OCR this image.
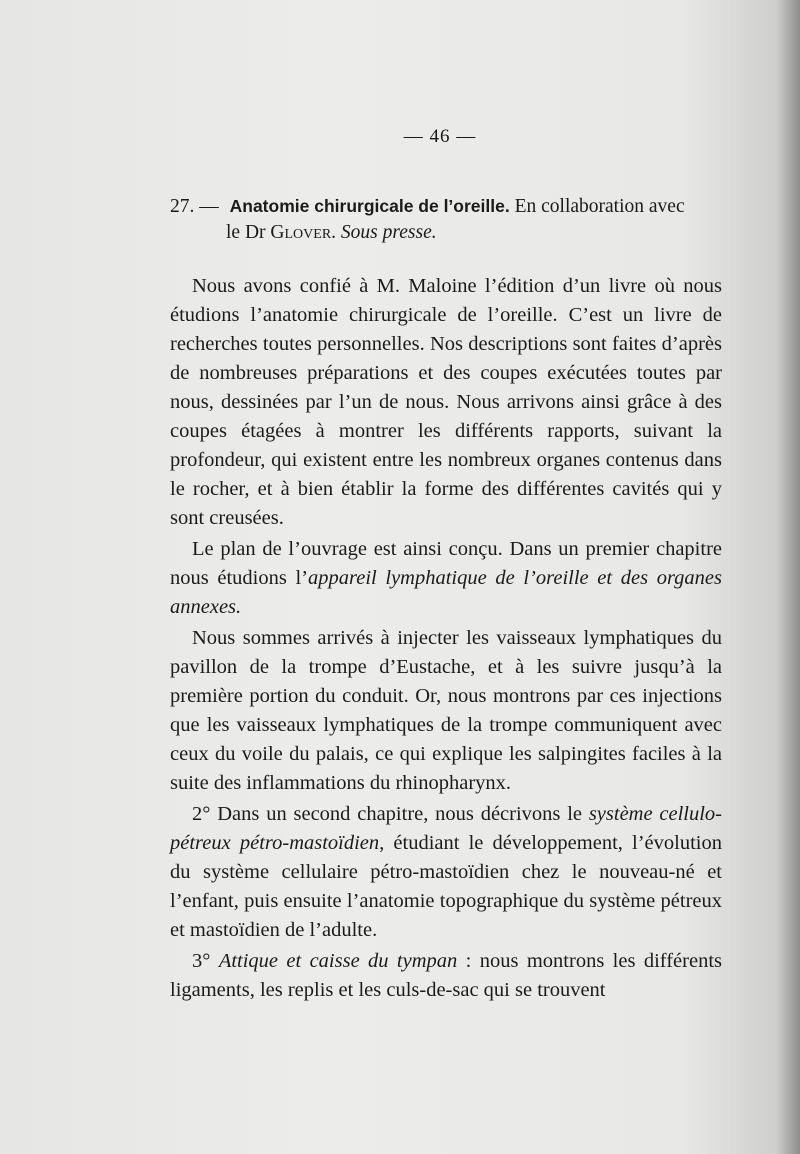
— 46 —
27. — Anatomie chirurgicale de l’oreille. En collaboration avec
le Dr Glover. Sous presse.

Nous avons confié à M. Maloine l’édition d’un livre où nous étudions l’anatomie chirurgicale de l’oreille. C’est un livre de recherches toutes personnelles. Nos descriptions sont faites d’après de nombreuses préparations et des coupes exécutées toutes par nous, dessinées par l’un de nous. Nous arrivons ainsi grâce à des coupes étagées à montrer les différents rapports, suivant la profondeur, qui existent entre les nombreux organes contenus dans le rocher, et à bien établir la forme des différentes cavités qui y sont creusées.

Le plan de l’ouvrage est ainsi conçu. Dans un premier chapitre nous étudions l’appareil lymphatique de l’oreille et des organes annexes.

Nous sommes arrivés à injecter les vaisseaux lymphatiques du pavillon de la trompe d’Eustache, et à les suivre jusqu’à la première portion du conduit. Or, nous montrons par ces injections que les vaisseaux lymphatiques de la trompe communiquent avec ceux du voile du palais, ce qui explique les salpingites faciles à la suite des inflammations du rhinopharynx.

2° Dans un second chapitre, nous décrivons le système cellulo-pétreux pétro-mastoïdien, étudiant le développement, l’évolution du système cellulaire pétro-mastoïdien chez le nouveau-né et l’enfant, puis ensuite l’anatomie topographique du système pétreux et mastoïdien de l’adulte.

3° Attique et caisse du tympan : nous montrons les différents ligaments, les replis et les culs-de-sac qui se trouvent
